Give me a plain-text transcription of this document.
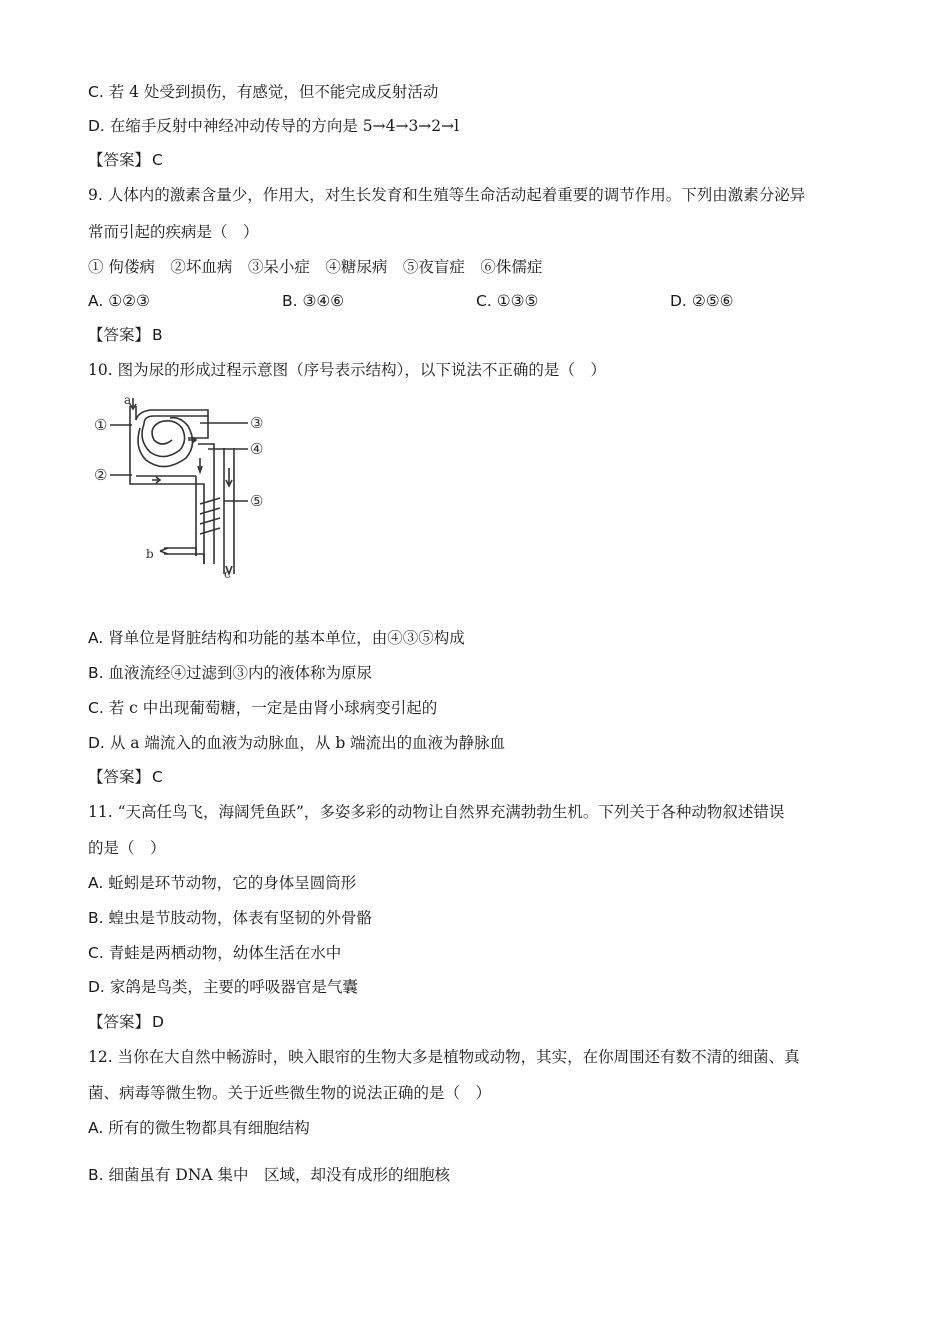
C. 若 4 处受到损伤，有感觉，但不能完成反射活动
D. 在缩手反射中神经冲动传导的方向是 5→4→3→2→l
【答案】 C
9. 人体内的激素含量少，作用大，对生长发育和生殖等生命活动起着重要的调节作用。下列由激素分泌异
常而引起的疾病是（　）
① 佝偻病　②坏血病　③呆小症　④糖尿病　⑤夜盲症　⑥侏儒症
A. ①②③	B. ③④⑥	C. ①③⑤	D. ②⑤⑥
【答案】 B
10. 图为尿的形成过程示意图（序号表示结构），以下说法不正确的是（　）
a
①
②
③
④
⑤
b
c
A. 肾单位是肾脏结构和功能的基本单位，由④③⑤构成
B. 血液流经④过滤到③内的液体称为原尿
C. 若 c 中出现葡萄糖，一定是由肾小球病变引起的
D. 从 a 端流入的血液为动脉血，从 b 端流出的血液为静脉血
【答案】 C
11. “天高任鸟飞，海阔凭鱼跃”，多姿多彩的动物让自然界充满勃勃生机。下列关于各种动物叙述错误
的是（　）
A. 蚯蚓是环节动物，它的身体呈圆筒形
B. 蝗虫是节肢动物，体表有坚韧的外骨骼
C. 青蛙是两栖动物，幼体生活在水中
D. 家鸽是鸟类，主要的呼吸器官是气囊
【答案】 D
12. 当你在大自然中畅游时，映入眼帘的生物大多是植物或动物，其实，在你周围还有数不清的细菌、真
菌、病毒等微生物。关于近些微生物的说法正确的是（　）
A. 所有的微生物都具有细胞结构
B. 细菌虽有 DNA 集中　区域，却没有成形的细胞核
